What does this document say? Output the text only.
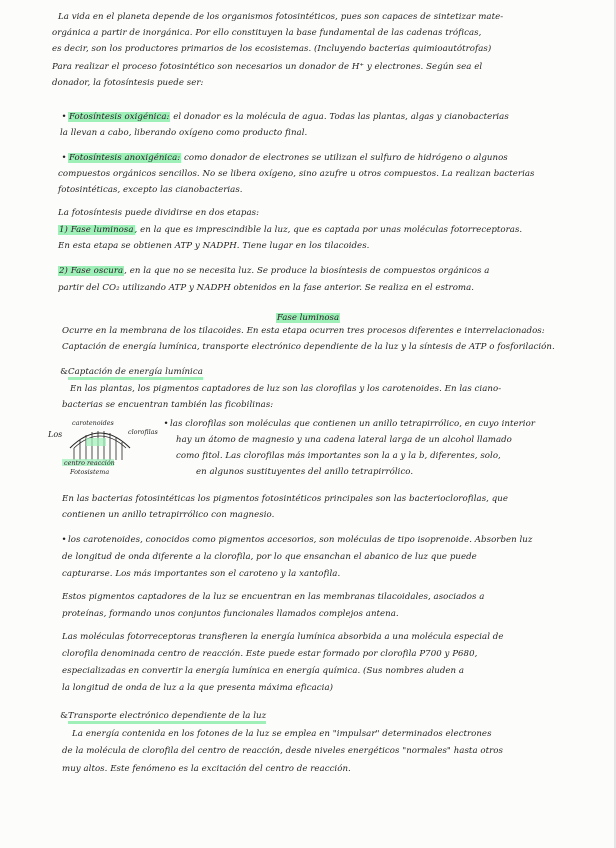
La vida en el planeta depende de los organismos fotosintéticos, pues son capaces de sintetizar mate-
orgánica a partir de inorgánica. Por ello constituyen la base fundamental de las cadenas tróficas,
es decir, son los productores primarios de los ecosistemas. (Incluyendo bacterias quimioautótrofas)
Para realizar el proceso fotosintético son necesarios un donador de H⁺ y electrones. Según sea el
donador, la fotosíntesis puede ser:
• Fotosíntesis oxigénica: el donador es la molécula de agua. Todas las plantas, algas y cianobacterias
la llevan a cabo, liberando oxígeno como producto final.
• Fotosíntesis anoxigénica: como donador de electrones se utilizan el sulfuro de hidrógeno o algunos
compuestos orgánicos sencillos. No se libera oxígeno, sino azufre u otros compuestos. La realizan bacterias
fotosintéticas, excepto las cianobacterias.
La fotosíntesis puede dividirse en dos etapas:
1) Fase luminosa, en la que es imprescindible la luz, que es captada por unas moléculas fotorreceptoras.
En esta etapa se obtienen ATP y NADPH. Tiene lugar en los tilacoides.
2) Fase oscura, en la que no se necesita luz. Se produce la biosíntesis de compuestos orgánicos a
partir del CO₂ utilizando ATP y NADPH obtenidos en la fase anterior. Se realiza en el estroma.
Fase luminosa
Ocurre en la membrana de los tilacoides. En esta etapa ocurren tres procesos diferentes e interrelacionados:
Captación de energía lumínica, transporte electrónico dependiente de la luz y la síntesis de ATP o fosforilación.
&Captación de energía lumínica
En las plantas, los pigmentos captadores de luz son las clorofilas y los carotenoides. En las ciano-
bacterias se encuentran también las ficobilinas:
Los
carotenoides
clorofilas
centro reacción
Fotosistema
•las clorofilas son moléculas que contienen un anillo tetrapirrólico, en cuyo interior
hay un átomo de magnesio y una cadena lateral larga de un alcohol llamado
como fitol. Las clorofilas más importantes son la a y la b, diferentes, solo,
en algunos sustituyentes del anillo tetrapirrólico.
En las bacterias fotosintéticas los pigmentos fotosintéticos principales son las bacterioclorofilas, que
contienen un anillo tetrapirrólico con magnesio.
•los carotenoides, conocidos como pigmentos accesorios, son moléculas de tipo isoprenoide. Absorben luz
de longitud de onda diferente a la clorofila, por lo que ensanchan el abanico de luz que puede
capturarse. Los más importantes son el caroteno y la xantofila.
Estos pigmentos captadores de la luz se encuentran en las membranas tilacoidales, asociados a
proteínas, formando unos conjuntos funcionales llamados complejos antena.
Las moléculas fotorreceptoras transfieren la energía lumínica absorbida a una molécula especial de
clorofila denominada centro de reacción. Este puede estar formado por clorofila P700 y P680,
especializadas en convertir la energía lumínica en energía química. (Sus nombres aluden a
la longitud de onda de luz a la que presenta máxima eficacia)
&Transporte electrónico dependiente de la luz
La energía contenida en los fotones de la luz se emplea en "impulsar" determinados electrones
de la molécula de clorofila del centro de reacción, desde niveles energéticos "normales" hasta otros
muy altos. Este fenómeno es la excitación del centro de reacción.
